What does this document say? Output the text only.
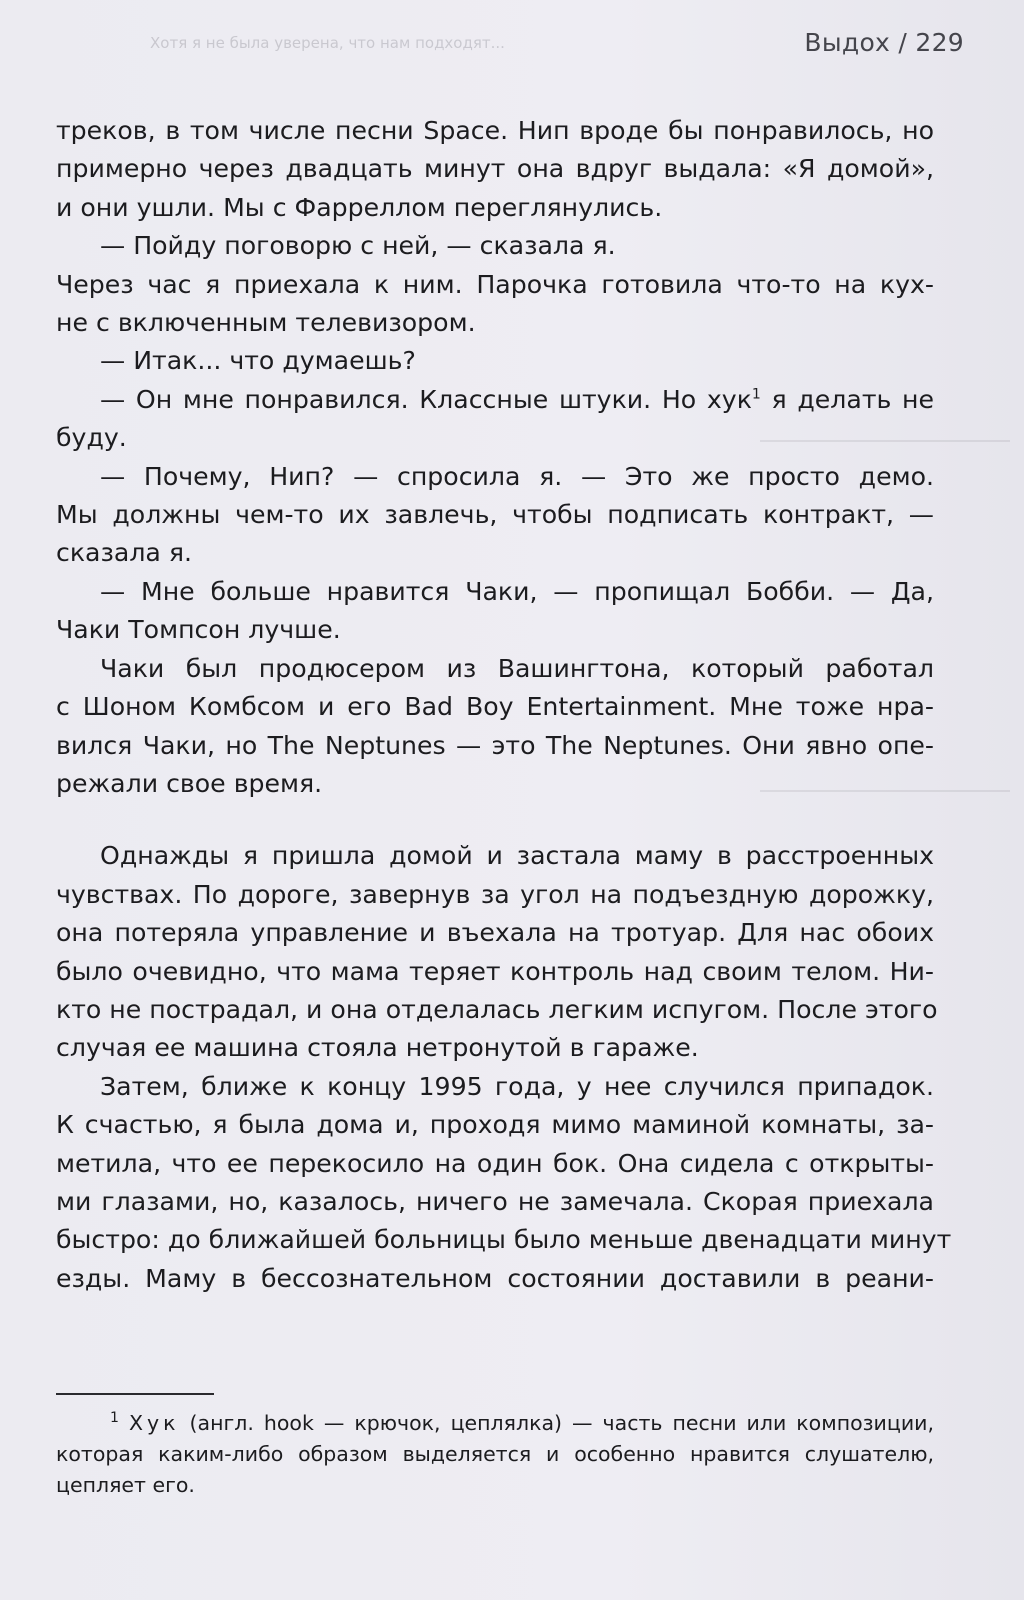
Хотя я не была уверена, что нам подходят...	Выдох / 229
треков, в том числе песни Space. Нип вроде бы понравилось, но
примерно через двадцать минут она вдруг выдала: «Я домой»,
и они ушли. Мы с Фарреллом переглянулись.
— Пойду поговорю с ней, — сказала я.
Через час я приехала к ним. Парочка готовила что-то на кух-
не с включенным телевизором.
— Итак... что думаешь?
— Он мне понравился. Классные штуки. Но хук$^1$ я делать не
буду.
— Почему, Нип? — спросила я. — Это же просто демо.
Мы должны чем-то их завлечь, чтобы подписать контракт, —
сказала я.
— Мне больше нравится Чаки, — пропищал Бобби. — Да,
Чаки Томпсон лучше.
Чаки был продюсером из Вашингтона, который работал
с Шоном Комбсом и его Bad Boy Entertainment. Мне тоже нра-
вился Чаки, но The Neptunes — это The Neptunes. Они явно опе-
режали свое время.
Однажды я пришла домой и застала маму в расстроенных
чувствах. По дороге, завернув за угол на подъездную дорожку,
она потеряла управление и въехала на тротуар. Для нас обоих
было очевидно, что мама теряет контроль над своим телом. Ни-
кто не пострадал, и она отделалась легким испугом. После этого
случая ее машина стояла нетронутой в гараже.
Затем, ближе к концу 1995 года, у нее случился припадок.
К счастью, я была дома и, проходя мимо маминой комнаты, за-
метила, что ее перекосило на один бок. Она сидела с открыты-
ми глазами, но, казалось, ничего не замечала. Скорая приехала
быстро: до ближайшей больницы было меньше двенадцати минут
езды. Маму в бессознательном состоянии доставили в реани-
$^1$ Хук (англ. hook — крючок, цеплялка) — часть песни или композиции,
которая каким-либо образом выделяется и особенно нравится слушателю,
цепляет его.
